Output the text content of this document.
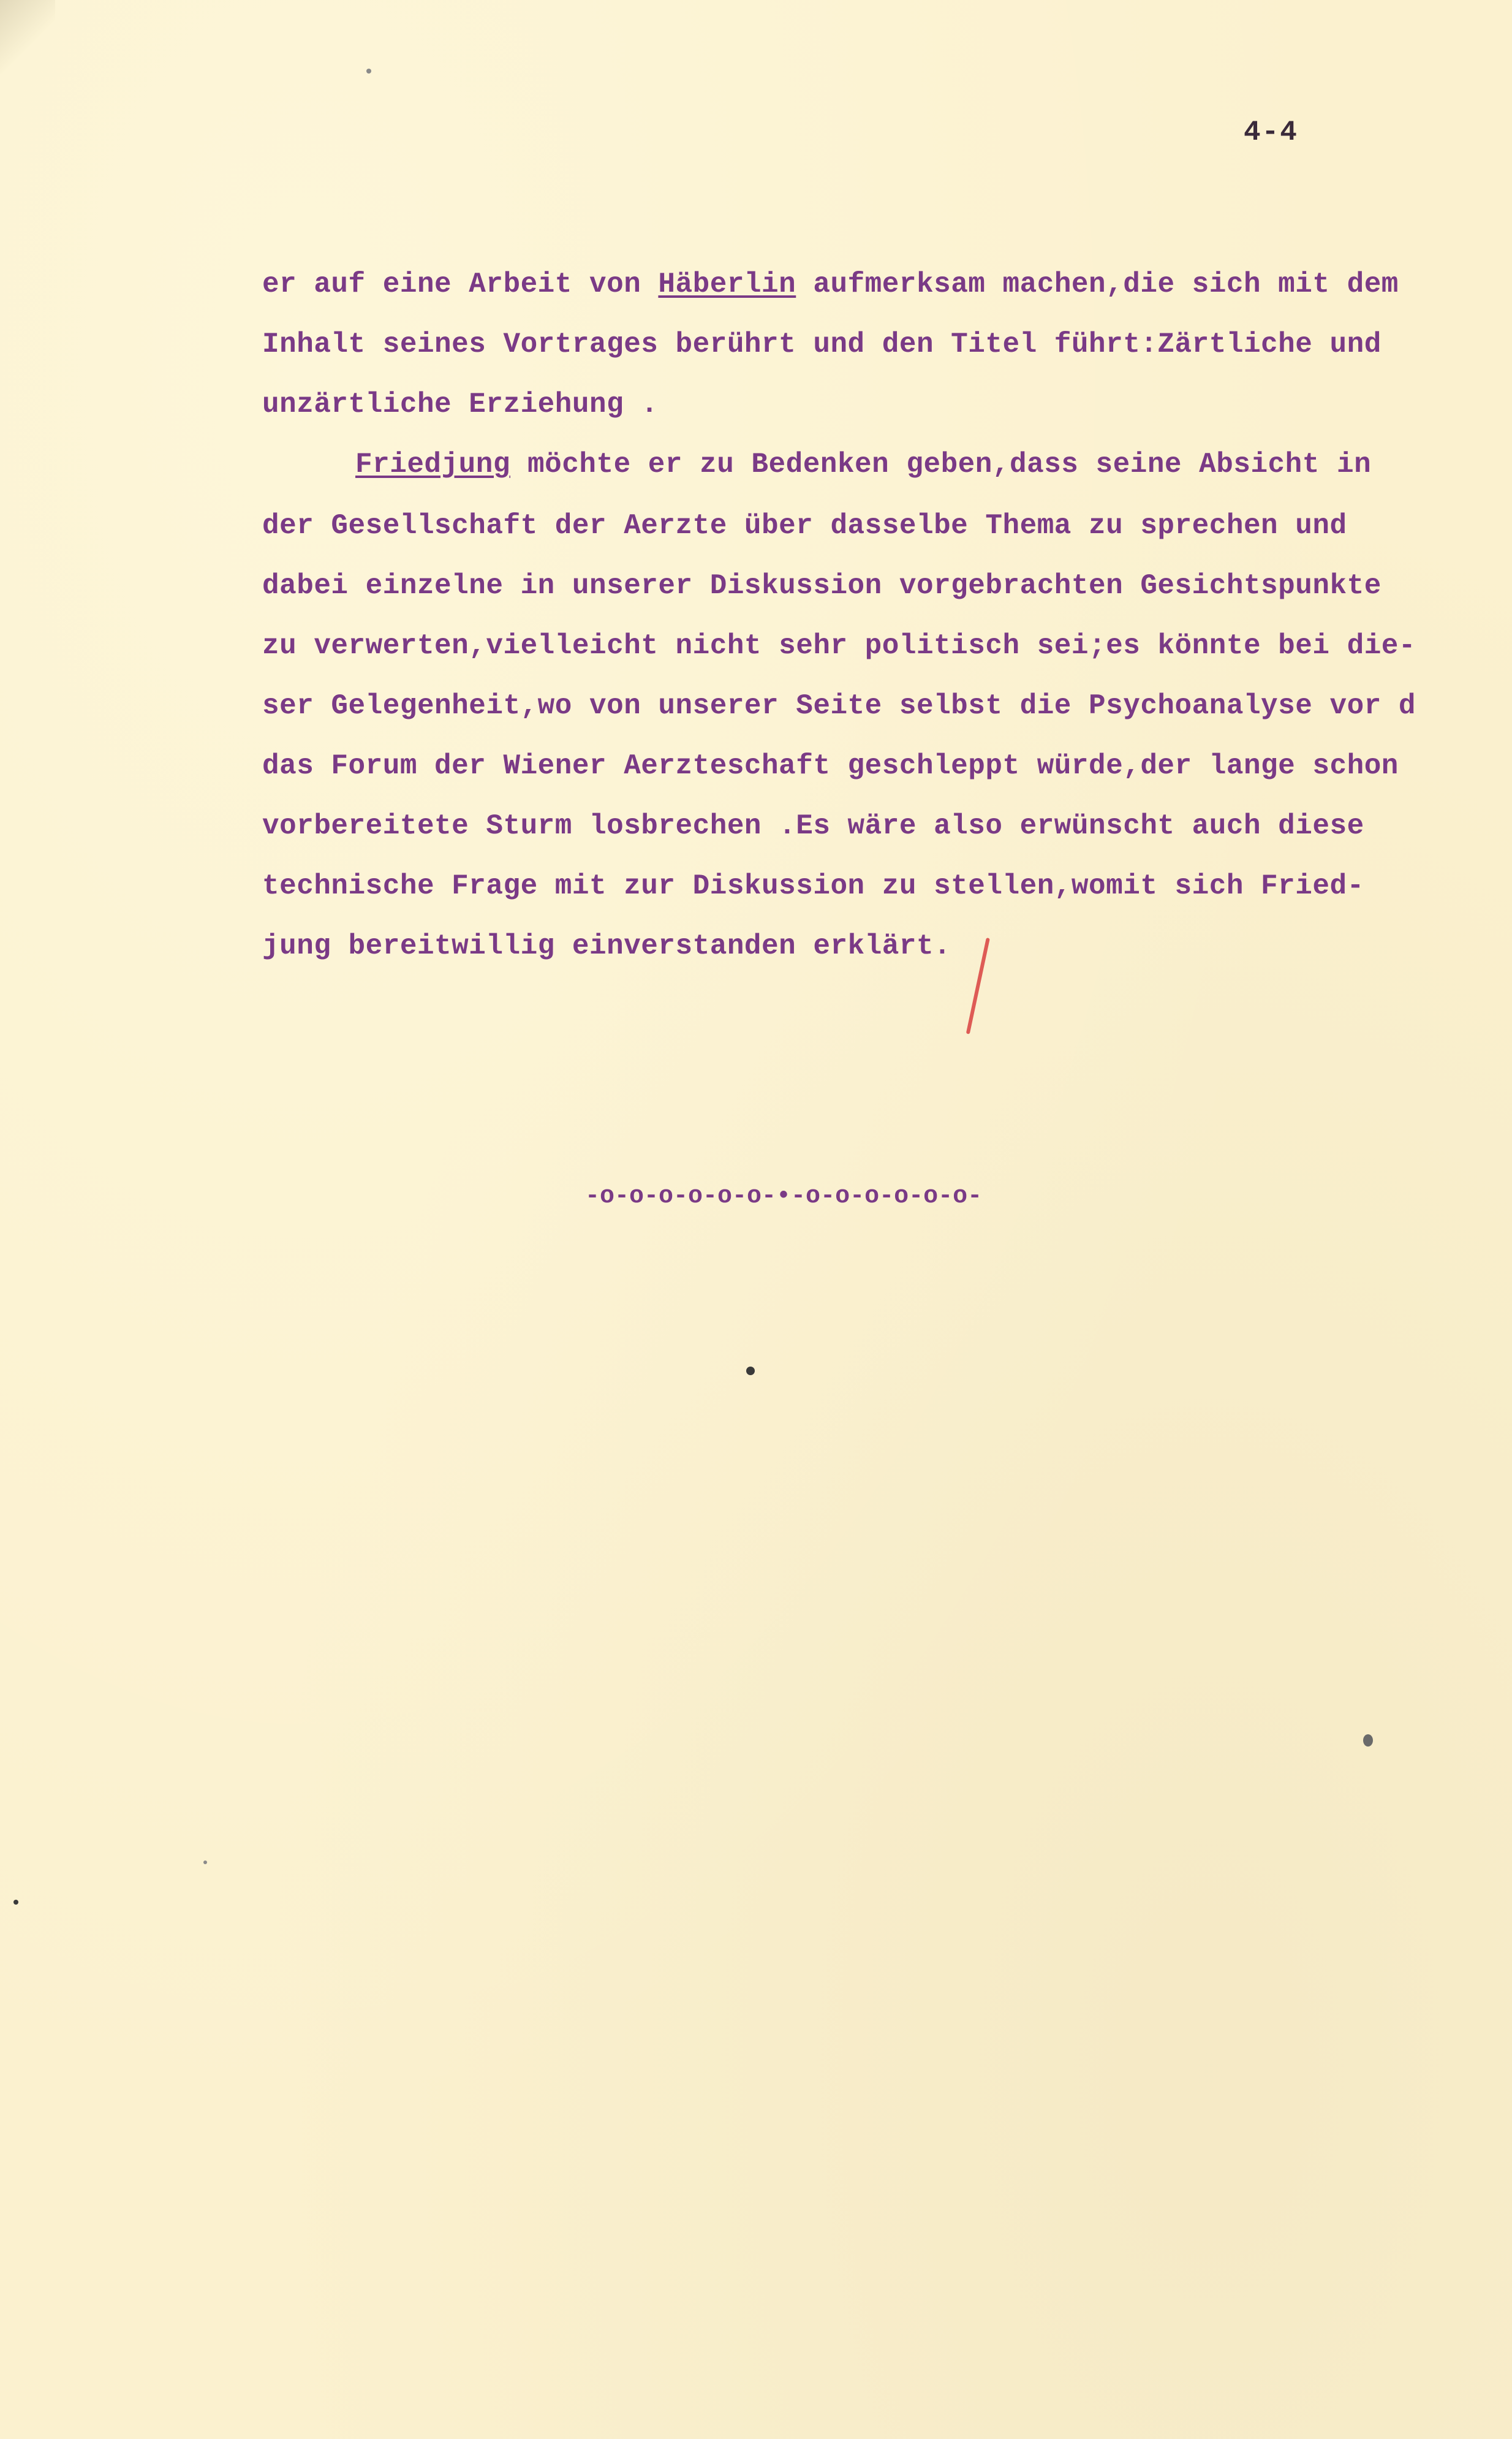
4-4
er auf eine Arbeit von Häberlin aufmerksam machen,die sich mit dem
Inhalt seines Vortrages berührt und den Titel führt:Zärtliche und
unzärtliche Erziehung .
Friedjung möchte er zu Bedenken geben,dass seine Absicht in
der Gesellschaft der Aerzte über dasselbe Thema zu sprechen und
dabei einzelne in unserer Diskussion vorgebrachten Gesichtspunkte
zu verwerten,vielleicht nicht sehr politisch sei;es könnte bei die-
ser Gelegenheit,wo von unserer Seite selbst die Psychoanalyse vor d
das Forum der Wiener Aerzteschaft geschleppt würde,der lange schon
vorbereitete Sturm losbrechen .Es wäre also erwünscht auch diese
technische Frage mit zur Diskussion zu stellen,womit sich Fried-
jung bereitwillig einverstanden erklärt.
-o-o-o-o-o-o-•-o-o-o-o-o-o-
